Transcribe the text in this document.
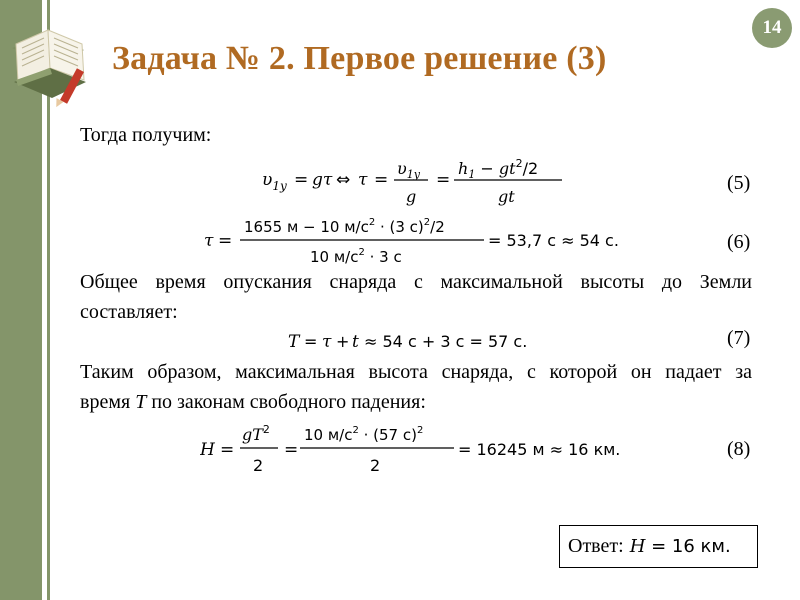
Задача № 2. Первое решение (3)
14
Тогда получим:
$\upsilon_{1y} = g\tau$ ⇔ τ =
$\upsilon_{1y}$
g
=
$h_1 - gt^2/2$
gt
(5)
τ =
1655 м − 10 $м/с^2 \cdot (3$ с)$^2$/2
10 $м/с^2 \cdot 3$ с
= 53,7 с ≈ 54 с.	(6)
Общее время опускания снаряда с максимальной высоты до Земли
составляет:
T = τ + t ≈ 54 с + 3 с = 57 с.	(7)
Таким образом, максимальная высота снаряда, с которой он падает за
время T по законам свободного падения:
H =
$gT^2$
2
=
10 $м/с^2 \cdot (57$ с)$^2$
2
= 16245 м ≈ 16 км.	(8)
Ответ: H = 16 км.
